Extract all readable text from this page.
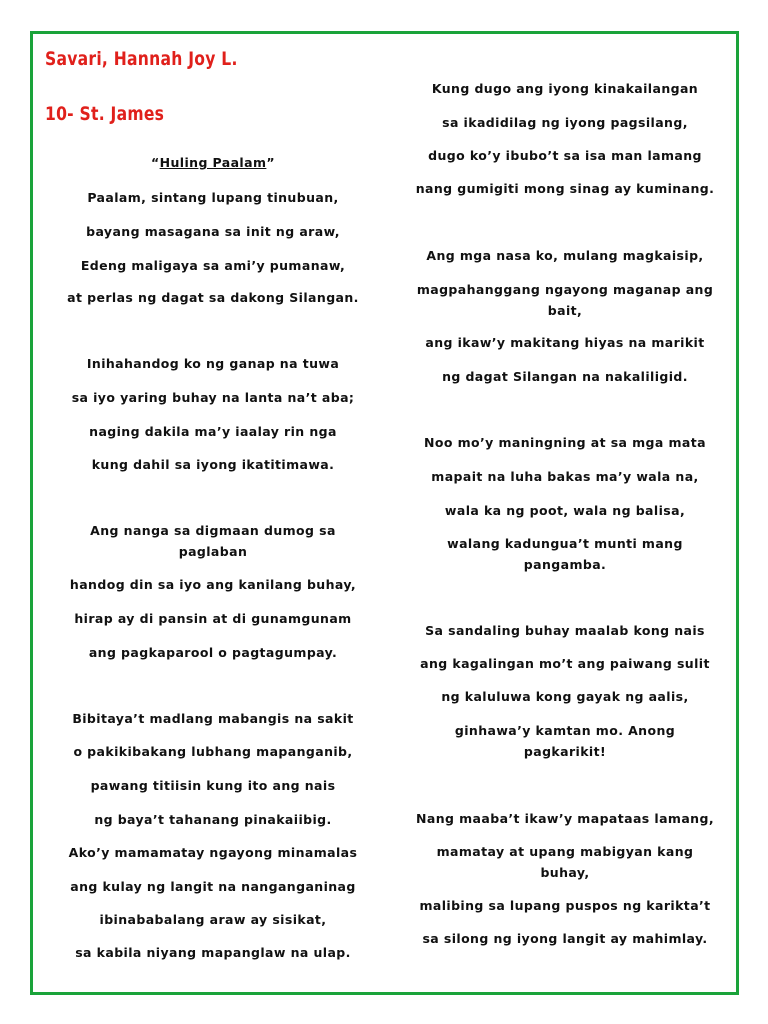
Savari, Hannah Joy L.
10- St. James
“Huling Paalam”
Paalam, sintang lupang tinubuan,
bayang masagana sa init ng araw,
Edeng maligaya sa ami’y pumanaw,
at perlas ng dagat sa dakong Silangan.
Inihahandog ko ng ganap na tuwa
sa iyo yaring buhay na lanta na’t aba;
naging dakila ma’y iaalay rin nga
kung dahil sa iyong ikatitimawa.
Ang nanga sa digmaan dumog sa
paglaban
handog din sa iyo ang kanilang buhay,
hirap ay di pansin at di gunamgunam
ang pagkaparool o pagtagumpay.
Bibitaya’t madlang mabangis na sakit
o pakikibakang lubhang mapanganib,
pawang titiisin kung ito ang nais
ng baya’t tahanang pinakaiibig.
Ako’y mamamatay ngayong minamalas
ang kulay ng langit na nanganganinag
ibinababalang araw ay sisikat,
sa kabila niyang mapanglaw na ulap.
Kung dugo ang iyong kinakailangan
sa ikadidilag ng iyong pagsilang,
dugo ko’y ibubo’t sa isa man lamang
nang gumigiti mong sinag ay kuminang.
Ang mga nasa ko, mulang magkaisip,
magpahanggang ngayong maganap ang
bait,
ang ikaw’y makitang hiyas na marikit
ng dagat Silangan na nakaliligid.
Noo mo’y maningning at sa mga mata
mapait na luha bakas ma’y wala na,
wala ka ng poot, wala ng balisa,
walang kadungua’t munti mang
pangamba.
Sa sandaling buhay maalab kong nais
ang kagalingan mo’t ang paiwang sulit
ng kaluluwa kong gayak ng aalis,
ginhawa’y kamtan mo. Anong
pagkarikit!
Nang maaba’t ikaw’y mapataas lamang,
mamatay at upang mabigyan kang
buhay,
malibing sa lupang puspos ng karikta’t
sa silong ng iyong langit ay mahimlay.
